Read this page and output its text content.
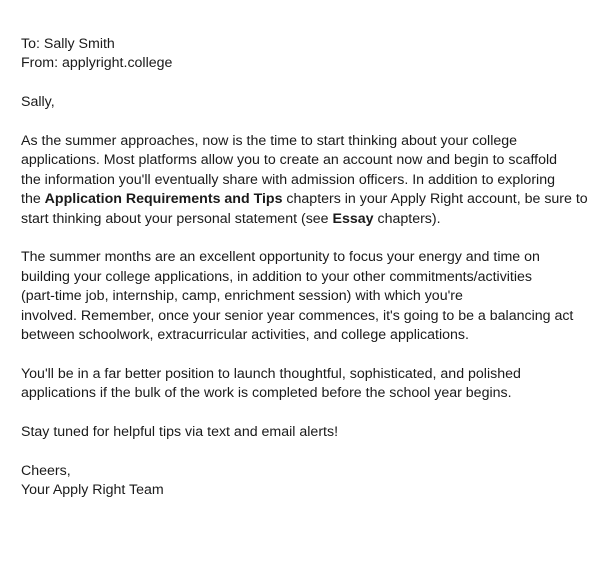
To: Sally Smith
From: applyright.college

Sally,

As the summer approaches, now is the time to start thinking about your college
applications. Most platforms allow you to create an account now and begin to scaffold
the information you'll eventually share with admission officers. In addition to exploring
the Application Requirements and Tips chapters in your Apply Right account, be sure to
start thinking about your personal statement (see Essay chapters).

The summer months are an excellent opportunity to focus your energy and time on
building your college applications, in addition to your other commitments/activities
(part-time job, internship, camp, enrichment session) with which you're
involved. Remember, once your senior year commences, it's going to be a balancing act
between schoolwork, extracurricular activities, and college applications.

You'll be in a far better position to launch thoughtful, sophisticated, and polished
applications if the bulk of the work is completed before the school year begins.

Stay tuned for helpful tips via text and email alerts!

Cheers,
Your Apply Right Team
